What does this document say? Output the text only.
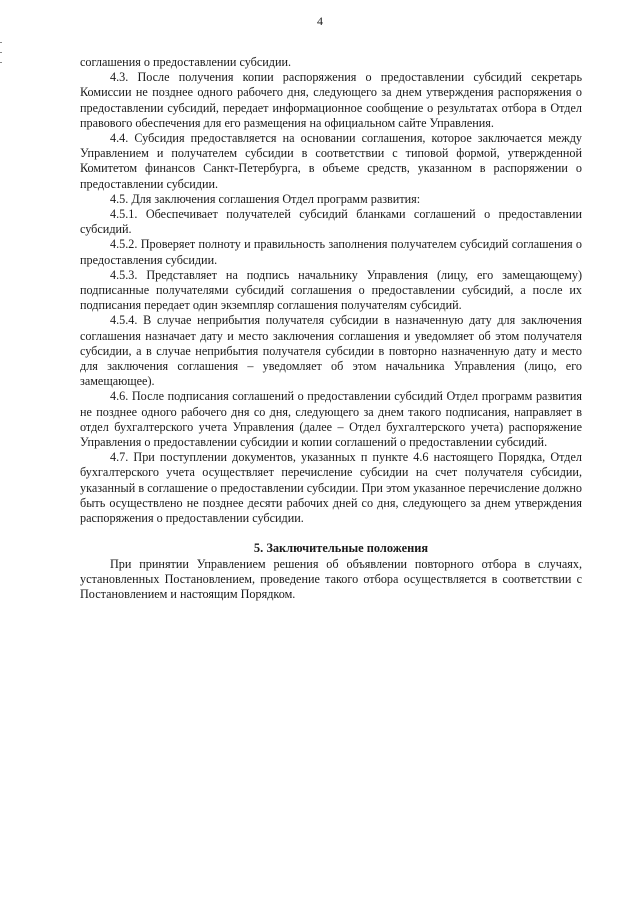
4

соглашения о предоставлении субсидии.

4.3. После получения копии распоряжения о предоставлении субсидий секретарь Комиссии не позднее одного рабочего дня, следующего за днем утверждения распоряжения о предоставлении субсидий, передает информационное сообщение о результатах отбора в Отдел правового обеспечения для его размещения на официальном сайте Управления.

4.4. Субсидия предоставляется на основании соглашения, которое заключается между Управлением и получателем субсидии в соответствии с типовой формой, утвержденной Комитетом финансов Санкт-Петербурга, в объеме средств, указанном в распоряжении о предоставлении субсидии.

4.5. Для заключения соглашения Отдел программ развития:

4.5.1. Обеспечивает получателей субсидий бланками соглашений о предоставлении субсидий.

4.5.2. Проверяет полноту и правильность заполнения получателем субсидий соглашения о предоставления субсидии.

4.5.3. Представляет на подпись начальнику Управления (лицу, его замещающему) подписанные получателями субсидий соглашения о предоставлении субсидий, а после их подписания передает один экземпляр соглашения получателям субсидий.

4.5.4. В случае неприбытия получателя субсидии в назначенную дату для заключения соглашения назначает дату и место заключения соглашения и уведомляет об этом получателя субсидии, а в случае неприбытия получателя субсидии в повторно назначенную дату и место для заключения соглашения – уведомляет об этом начальника Управления (лицо, его замещающее).

4.6. После подписания соглашений о предоставлении субсидий Отдел программ развития не позднее одного рабочего дня со дня, следующего за днем такого подписания, направляет в отдел бухгалтерского учета Управления (далее – Отдел бухгалтерского учета) распоряжение Управления о предоставлении субсидии и копии соглашений о предоставлении субсидий.

4.7. При поступлении документов, указанных п пункте 4.6 настоящего Порядка, Отдел бухгалтерского учета осуществляет перечисление субсидии на счет получателя субсидии, указанный в соглашение о предоставлении субсидии. При этом указанное перечисление должно быть осуществлено не позднее десяти рабочих дней со дня, следующего за днем утверждения распоряжения о предоставлении субсидии.

5. Заключительные положения

При принятии Управлением решения об объявлении повторного отбора в случаях, установленных Постановлением, проведение такого отбора осуществляется в соответствии с Постановлением и настоящим Порядком.
